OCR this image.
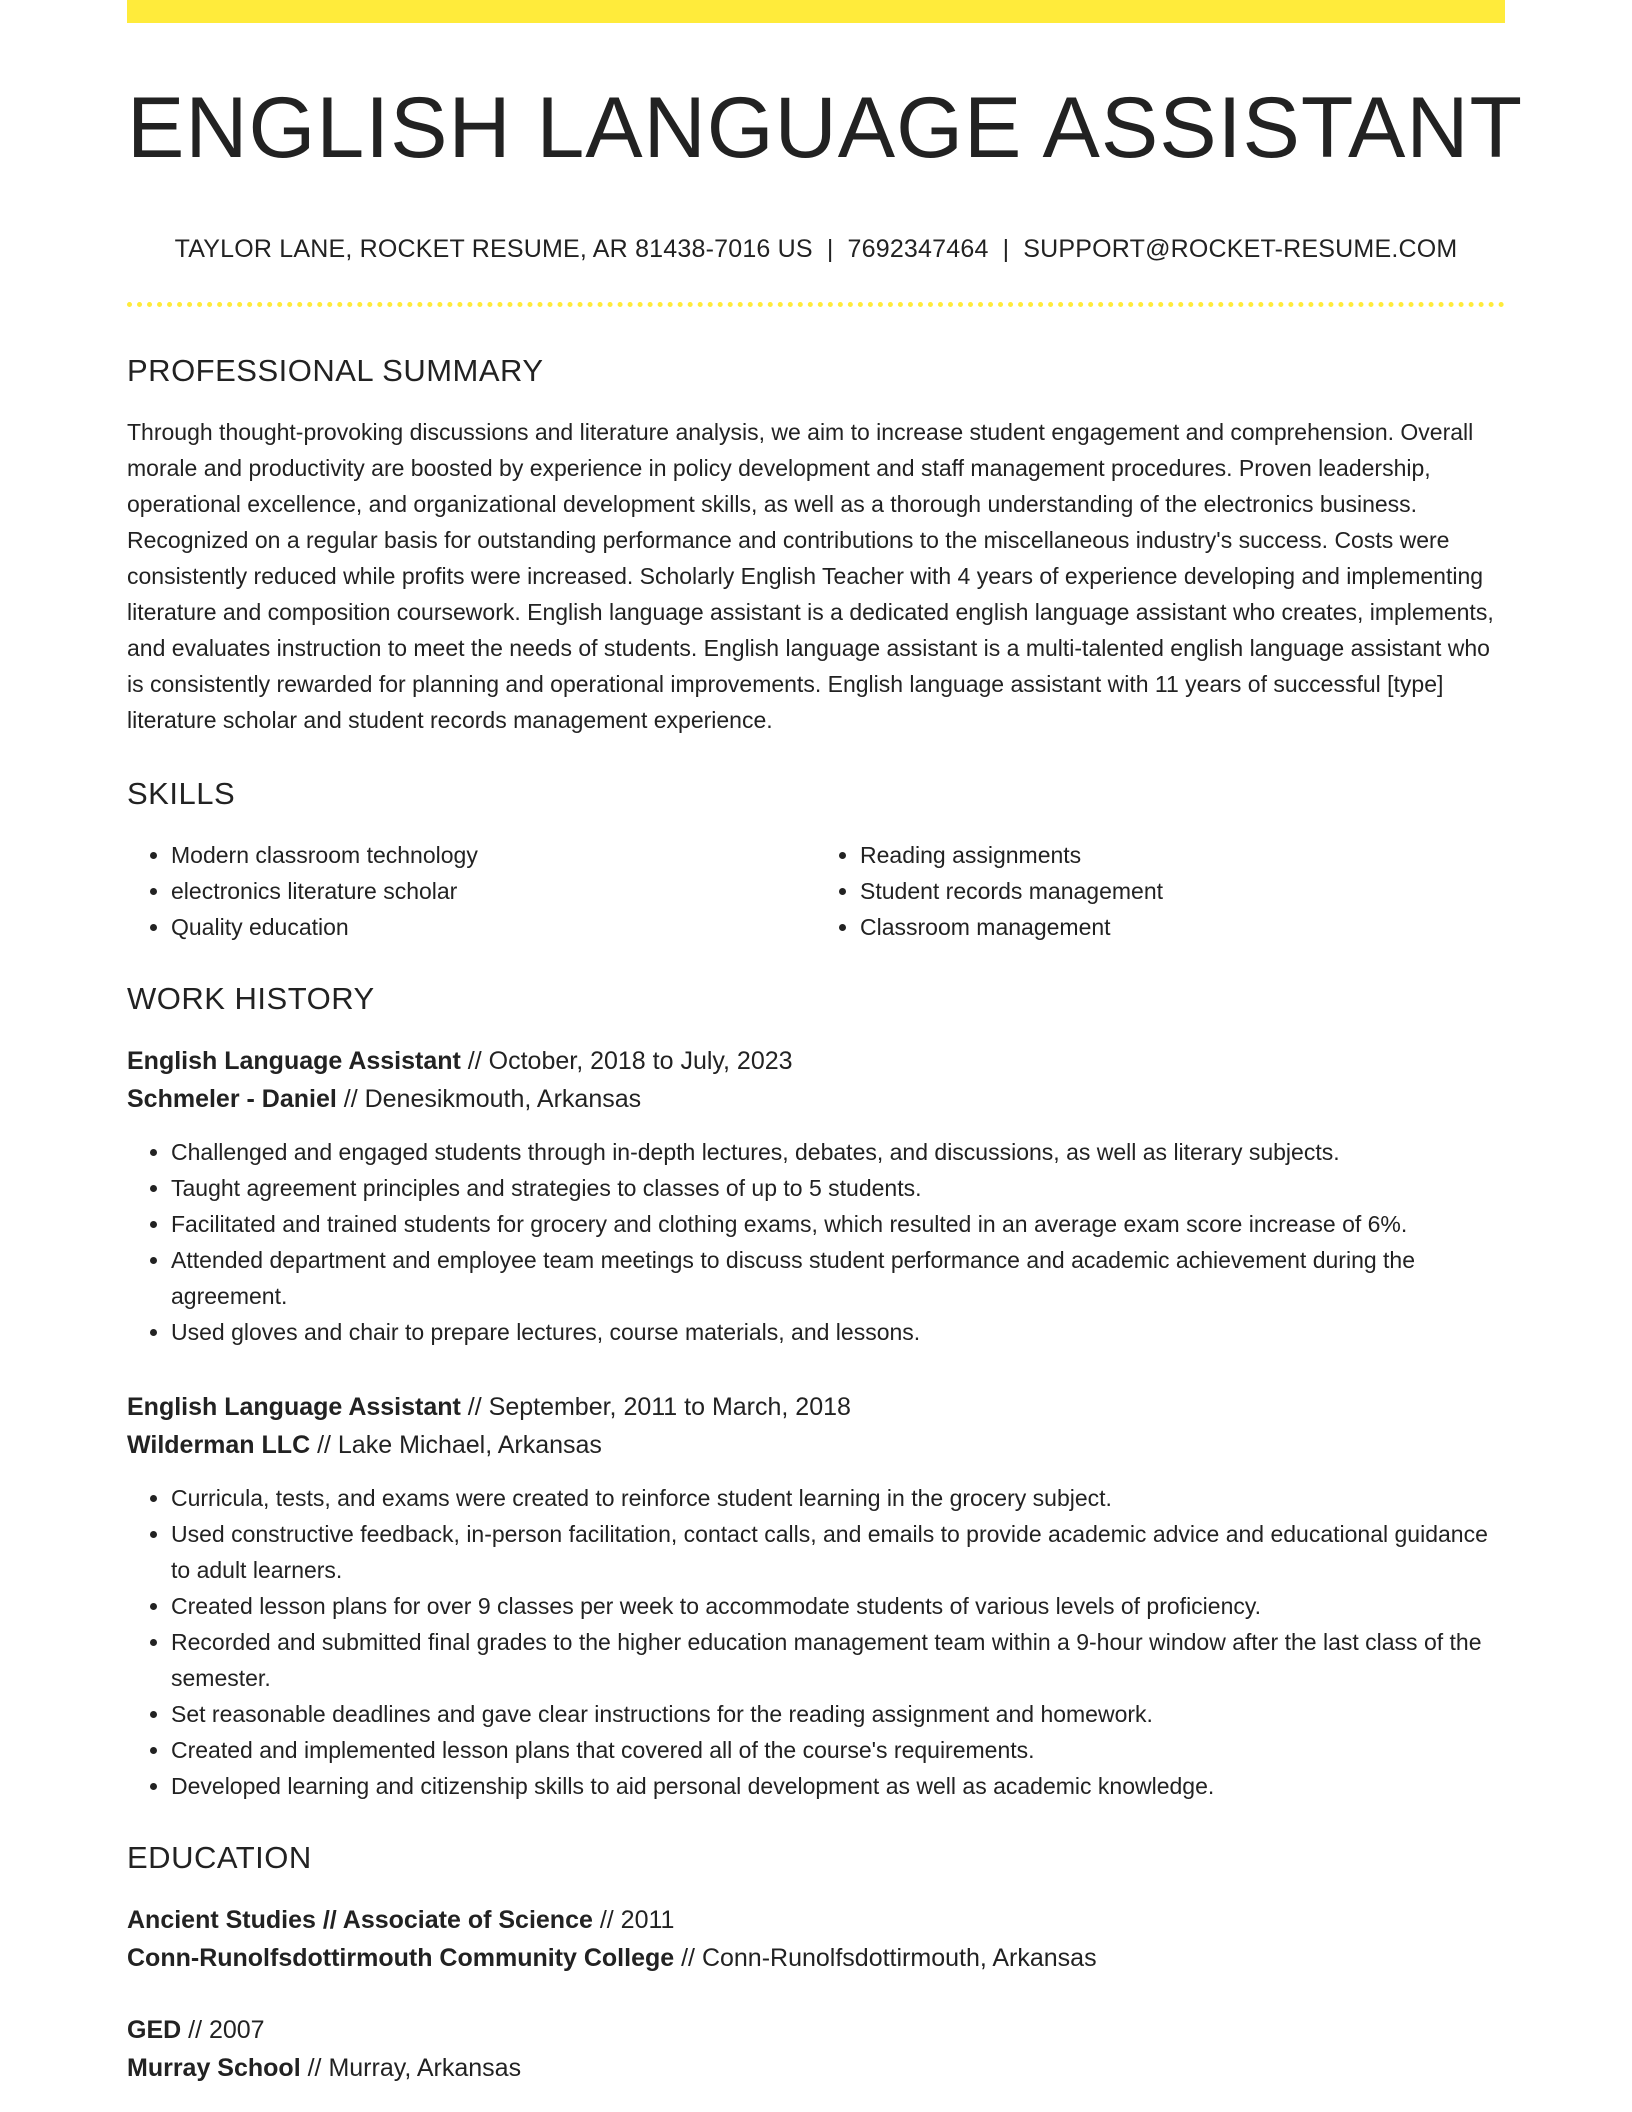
ENGLISH LANGUAGE ASSISTANT
TAYLOR LANE, ROCKET RESUME, AR 81438-7016 US | 7692347464 | SUPPORT@ROCKET-RESUME.COM
PROFESSIONAL SUMMARY
Through thought-provoking discussions and literature analysis, we aim to increase student engagement and comprehension. Overall morale and productivity are boosted by experience in policy development and staff management procedures. Proven leadership, operational excellence, and organizational development skills, as well as a thorough understanding of the electronics business. Recognized on a regular basis for outstanding performance and contributions to the miscellaneous industry's success. Costs were consistently reduced while profits were increased. Scholarly English Teacher with 4 years of experience developing and implementing literature and composition coursework. English language assistant is a dedicated english language assistant who creates, implements, and evaluates instruction to meet the needs of students. English language assistant is a multi-talented english language assistant who is consistently rewarded for planning and operational improvements. English language assistant with 11 years of successful [type] literature scholar and student records management experience.
SKILLS
• Modern classroom technology
• electronics literature scholar
• Quality education
• Reading assignments
• Student records management
• Classroom management
WORK HISTORY
English Language Assistant // October, 2018 to July, 2023
Schmeler - Daniel // Denesikmouth, Arkansas
• Challenged and engaged students through in-depth lectures, debates, and discussions, as well as literary subjects.
• Taught agreement principles and strategies to classes of up to 5 students.
• Facilitated and trained students for grocery and clothing exams, which resulted in an average exam score increase of 6%.
• Attended department and employee team meetings to discuss student performance and academic achievement during the agreement.
• Used gloves and chair to prepare lectures, course materials, and lessons.
English Language Assistant // September, 2011 to March, 2018
Wilderman LLC // Lake Michael, Arkansas
• Curricula, tests, and exams were created to reinforce student learning in the grocery subject.
• Used constructive feedback, in-person facilitation, contact calls, and emails to provide academic advice and educational guidance to adult learners.
• Created lesson plans for over 9 classes per week to accommodate students of various levels of proficiency.
• Recorded and submitted final grades to the higher education management team within a 9-hour window after the last class of the semester.
• Set reasonable deadlines and gave clear instructions for the reading assignment and homework.
• Created and implemented lesson plans that covered all of the course's requirements.
• Developed learning and citizenship skills to aid personal development as well as academic knowledge.
EDUCATION
Ancient Studies // Associate of Science // 2011
Conn-Runolfsdottirmouth Community College // Conn-Runolfsdottirmouth, Arkansas
GED // 2007
Murray School // Murray, Arkansas
